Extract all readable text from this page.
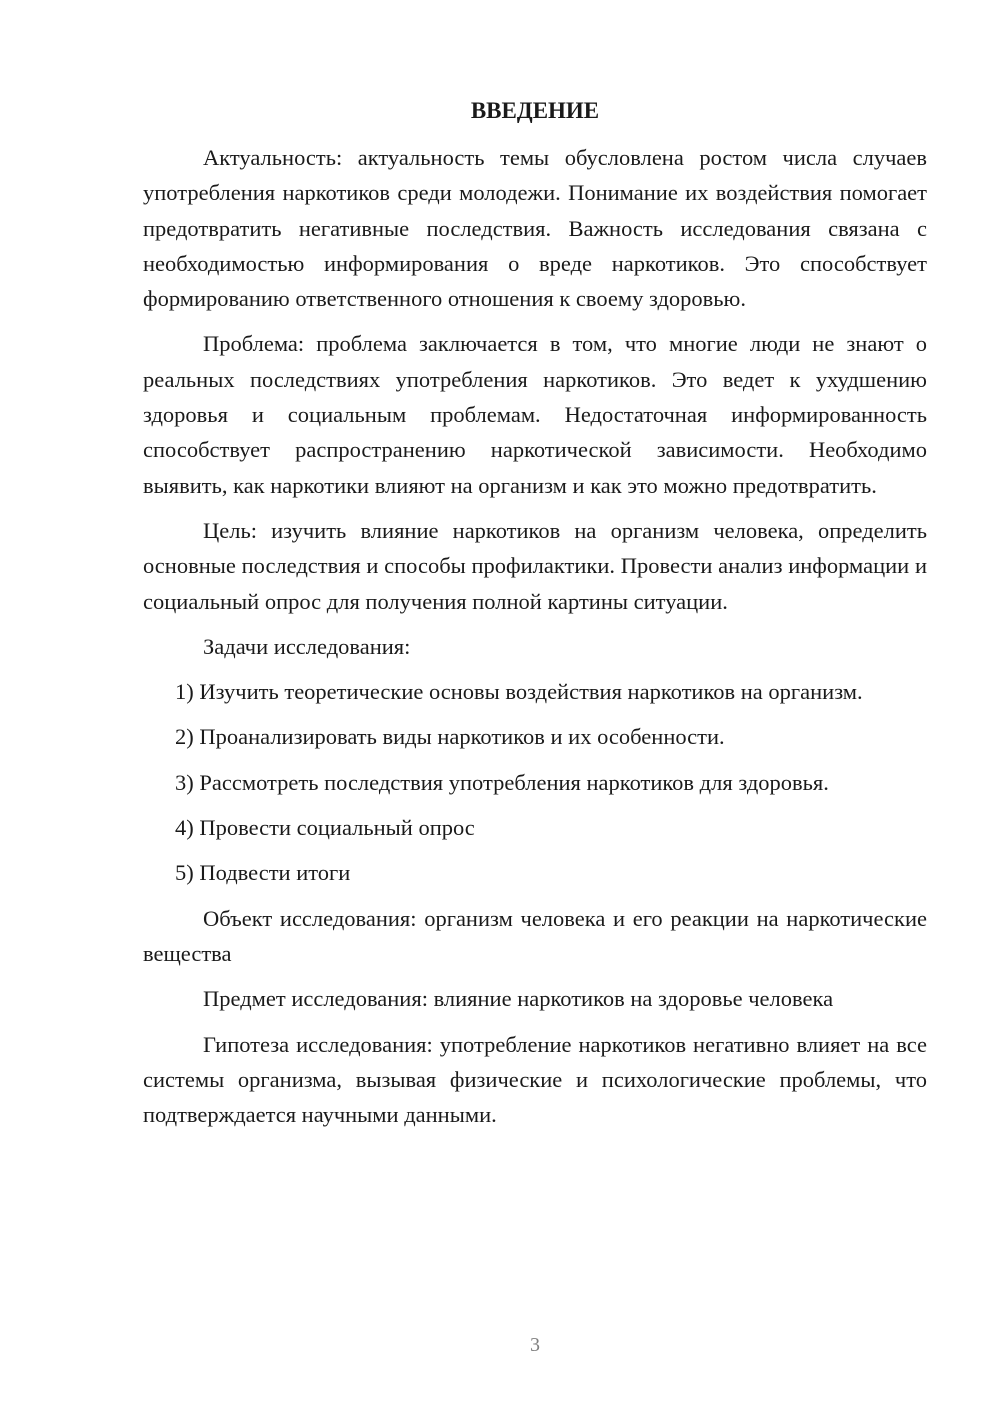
ВВЕДЕНИЕ

Актуальность: актуальность темы обусловлена ростом числа случаев употребления наркотиков среди молодежи. Понимание их воздействия помогает предотвратить негативные последствия. Важность исследования связана с необходимостью информирования о вреде наркотиков. Это способствует формированию ответственного отношения к своему здоровью.

Проблема: проблема заключается в том, что многие люди не знают о реальных последствиях употребления наркотиков. Это ведет к ухудшению здоровья и социальным проблемам. Недостаточная информированность способствует распространению наркотической зависимости. Необходимо выявить, как наркотики влияют на организм и как это можно предотвратить.

Цель: изучить влияние наркотиков на организм человека, определить основные последствия и способы профилактики. Провести анализ информации и социальный опрос для получения полной картины ситуации.

Задачи исследования:

1) Изучить теоретические основы воздействия наркотиков на организм.

2) Проанализировать виды наркотиков и их особенности.

3) Рассмотреть последствия употребления наркотиков для здоровья.

4) Провести социальный опрос

5) Подвести итоги

Объект исследования: организм человека и его реакции на наркотические вещества

Предмет исследования: влияние наркотиков на здоровье человека

Гипотеза исследования: употребление наркотиков негативно влияет на все системы организма, вызывая физические и психологические проблемы, что подтверждается научными данными.

3
